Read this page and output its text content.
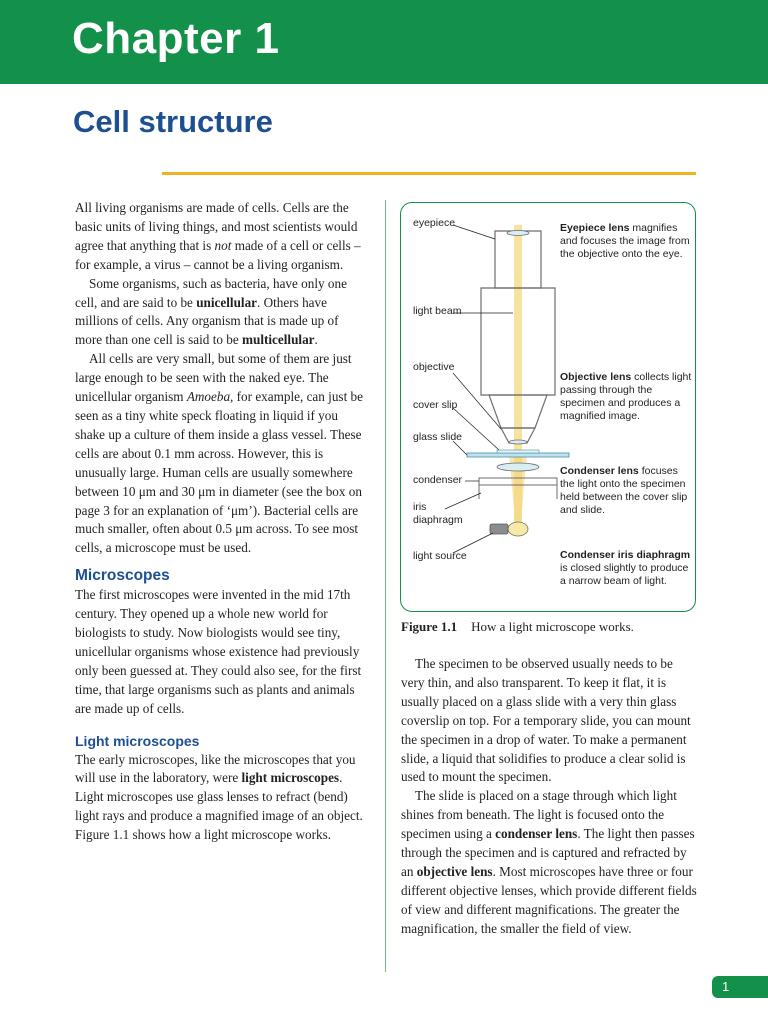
Chapter 1
Cell structure

All living organisms are made of cells. Cells are the basic units of living things, and most scientists would agree that anything that is not made of a cell or cells – for example, a virus – cannot be a living organism.

Some organisms, such as bacteria, have only one cell, and are said to be unicellular. Others have millions of cells. Any organism that is made up of more than one cell is said to be multicellular.

All cells are very small, but some of them are just large enough to be seen with the naked eye. The unicellular organism Amoeba, for example, can just be seen as a tiny white speck floating in liquid if you shake up a culture of them inside a glass vessel. These cells are about 0.1 mm across. However, this is unusually large. Human cells are usually somewhere between 10 μm and 30 μm in diameter (see the box on page 3 for an explanation of ‘μm’). Bacterial cells are much smaller, often about 0.5 μm across. To see most cells, a microscope must be used.

Microscopes

The first microscopes were invented in the mid 17th century. They opened up a whole new world for biologists to study. Now biologists would see tiny, unicellular organisms whose existence had previously only been guessed at. They could also see, for the first time, that large organisms such as plants and animals are made up of cells.

Light microscopes

The early microscopes, like the microscopes that you will use in the laboratory, were light microscopes. Light microscopes use glass lenses to refract (bend) light rays and produce a magnified image of an object. Figure 1.1 shows how a light microscope works.

eyepiece
light beam
objective
cover slip
glass slide
condenser
iris
diaphragm
light source
Eyepiece lens magnifies and focuses the image from the objective onto the eye.
Objective lens collects light passing through the specimen and produces a magnified image.
Condenser lens focuses the light onto the specimen held between the cover slip and slide.
Condenser iris diaphragm is closed slightly to produce a narrow beam of light.
Figure 1.1 How a light microscope works.

The specimen to be observed usually needs to be very thin, and also transparent. To keep it flat, it is usually placed on a glass slide with a very thin glass coverslip on top. For a temporary slide, you can mount the specimen in a drop of water. To make a permanent slide, a liquid that solidifies to produce a clear solid is used to mount the specimen.

The slide is placed on a stage through which light shines from beneath. The light is focused onto the specimen using a condenser lens. The light then passes through the specimen and is captured and refracted by an objective lens. Most microscopes have three or four different objective lenses, which provide different fields of view and different magnifications. The greater the magnification, the smaller the field of view.

1
